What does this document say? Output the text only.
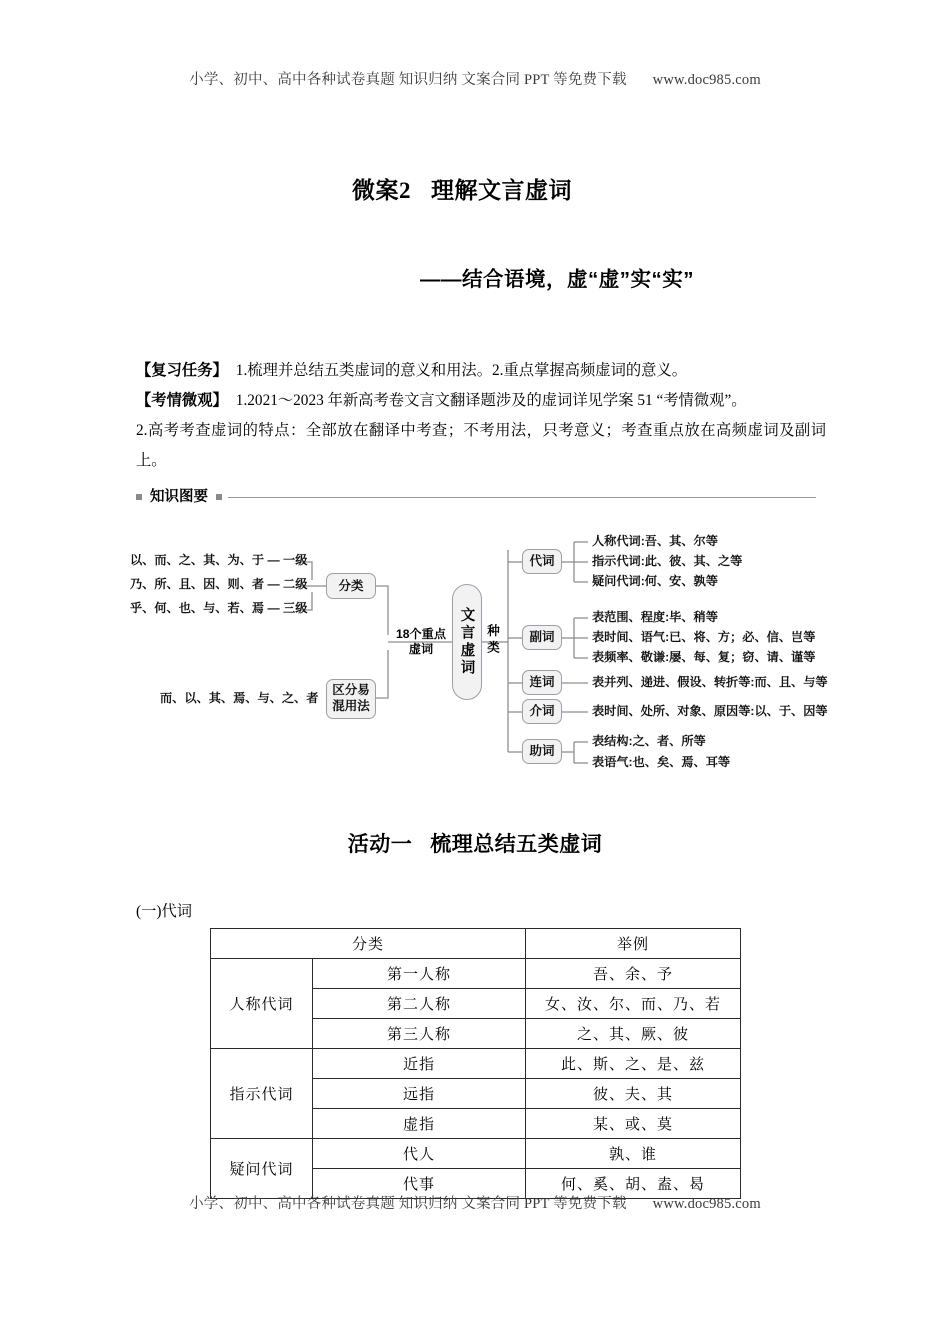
小学、初中、高中各种试卷真题 知识归纳 文案合同 PPT 等免费下载 www.doc985.com
微案2 理解文言虚词
——结合语境，虚“虚”实“实”

【复习任务】 1.梳理并总结五类虚词的意义和用法。2.重点掌握高频虚词的意义。

【考情微观】 1.2021～2023 年新高考卷文言文翻译题涉及的虚词详见学案 51 “考情微观”。

2.高考考查虚词的特点：全部放在翻译中考查；不考用法，只考意义；考查重点放在高频虚词及副词上。

知识图要
以、而、之、其、为、于 — 一级
乃、所、且、因、则、者 — 二级
乎、何、也、与、若、焉 — 三级
而、以、其、焉、与、之、者
分类
区分易
混用法
18个重点
虚词	文言虚词 种类
代词
副词
连词
介词
助词
人称代词:吾、其、尔等
指示代词:此、彼、其、之等
疑问代词:何、安、孰等
表范围、程度:毕、稍等
表时间、语气:已、将、方；必、信、岂等
表频率、敬谦:屡、每、复；窃、请、谨等
表并列、递进、假设、转折等:而、且、与等
表时间、处所、对象、原因等:以、于、因等
表结构:之、者、所等
表语气:也、矣、焉、耳等
活动一 梳理总结五类虚词
(一)代词
分类		举例
人称代词	第一人称	吾、余、予
	第二人称	女、汝、尔、而、乃、若
	第三人称	之、其、厥、彼
指示代词	近指	此、斯、之、是、兹
	远指	彼、夫、其
	虚指	某、或、莫
疑问代词	代人	孰、谁
	代事	何、奚、胡、盍、曷
小学、初中、高中各种试卷真题 知识归纳 文案合同 PPT 等免费下载 www.doc985.com
